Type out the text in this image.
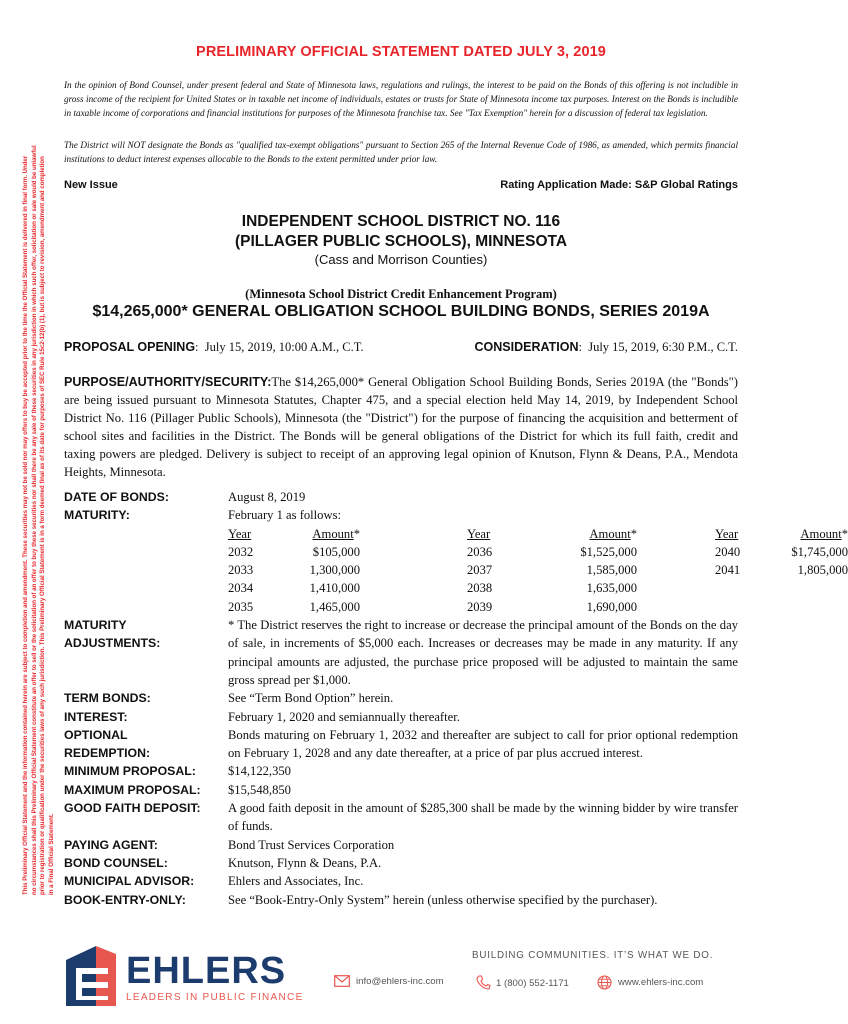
This Preliminary Official Statement and the information contained herein are subject to completion and amendment. These securities may not be sold nor may offers to buy be accepted prior to the time the Official Statement is delivered in final form. Under no circumstances shall this Preliminary Official Statement constitute an offer to sell or the solicitation of an offer to buy these securities nor shall there be any sale of these securities in any jurisdiction in which such offer, solicitation or sale would be unlawful prior to registration or qualification under the securities laws of any such jurisdiction. This Preliminary Official Statement is in a form deemed final as of its date for purposes of SEC Rule 15c2-12(b) (1), but is subject to revision, amendment and completion in a Final Official Statement.
PRELIMINARY OFFICIAL STATEMENT DATED JULY 3, 2019
In the opinion of Bond Counsel, under present federal and State of Minnesota laws, regulations and rulings, the interest to be paid on the Bonds of this offering is not includible in gross income of the recipient for United States or in taxable net income of individuals, estates or trusts for State of Minnesota income tax purposes. Interest on the Bonds is includible in taxable income of corporations and financial institutions for purposes of the Minnesota franchise tax. See "Tax Exemption" herein for a discussion of federal tax legislation.
The District will NOT designate the Bonds as "qualified tax-exempt obligations" pursuant to Section 265 of the Internal Revenue Code of 1986, as amended, which permits financial institutions to deduct interest expenses allocable to the Bonds to the extent permitted under prior law.
New Issue	Rating Application Made: S&P Global Ratings
INDEPENDENT SCHOOL DISTRICT NO. 116
(PILLAGER PUBLIC SCHOOLS), MINNESOTA
(Cass and Morrison Counties)
(Minnesota School District Credit Enhancement Program)
$14,265,000* GENERAL OBLIGATION SCHOOL BUILDING BONDS, SERIES 2019A
PROPOSAL OPENING:  July 15, 2019, 10:00 A.M., C.T.	CONSIDERATION:  July 15, 2019, 6:30 P.M., C.T.
PURPOSE/AUTHORITY/SECURITY:The $14,265,000* General Obligation School Building Bonds, Series 2019A (the "Bonds") are being issued pursuant to Minnesota Statutes, Chapter 475, and a special election held May 14, 2019, by Independent School District No. 116 (Pillager Public Schools), Minnesota (the "District") for the purpose of financing the acquisition and betterment of school sites and facilities in the District. The Bonds will be general obligations of the District for which its full faith, credit and taxing powers are pledged. Delivery is subject to receipt of an approving legal opinion of Knutson, Flynn & Deans, P.A., Mendota Heights, Minnesota.
DATE OF BONDS:	August 8, 2019
MATURITY:	February 1 as follows:
Year	Amount*	Year	Amount*	Year	Amount*
2032	$105,000	2036	$1,525,000	2040	$1,745,000
2033	1,300,000	2037	1,585,000	2041	1,805,000
2034	1,410,000	2038	1,635,000
2035	1,465,000	2039	1,690,000
MATURITY
ADJUSTMENTS:
* The District reserves the right to increase or decrease the principal amount of the Bonds on the day of sale, in increments of $5,000 each. Increases or decreases may be made in any maturity. If any principal amounts are adjusted, the purchase price proposed will be adjusted to maintain the same gross spread per $1,000.
TERM BONDS:	See “Term Bond Option” herein.
INTEREST:	February 1, 2020 and semiannually thereafter.
OPTIONAL
REDEMPTION:
Bonds maturing on February 1, 2032 and thereafter are subject to call for prior optional redemption on February 1, 2028 and any date thereafter, at a price of par plus accrued interest.
MINIMUM PROPOSAL:	$14,122,350
MAXIMUM PROPOSAL:	$15,548,850
GOOD FAITH DEPOSIT:	A good faith deposit in the amount of $285,300 shall be made by the winning bidder by wire transfer of funds.
PAYING AGENT:	Bond Trust Services Corporation
BOND COUNSEL:	Knutson, Flynn & Deans, P.A.
MUNICIPAL ADVISOR:	Ehlers and Associates, Inc.
BOOK-ENTRY-ONLY:	See “Book-Entry-Only System” herein (unless otherwise specified by the purchaser).
EHLERS
LEADERS IN PUBLIC FINANCE
BUILDING COMMUNITIES. IT’S WHAT WE DO.
info@ehlers-inc.com	1 (800) 552-1171	www.ehlers-inc.com
